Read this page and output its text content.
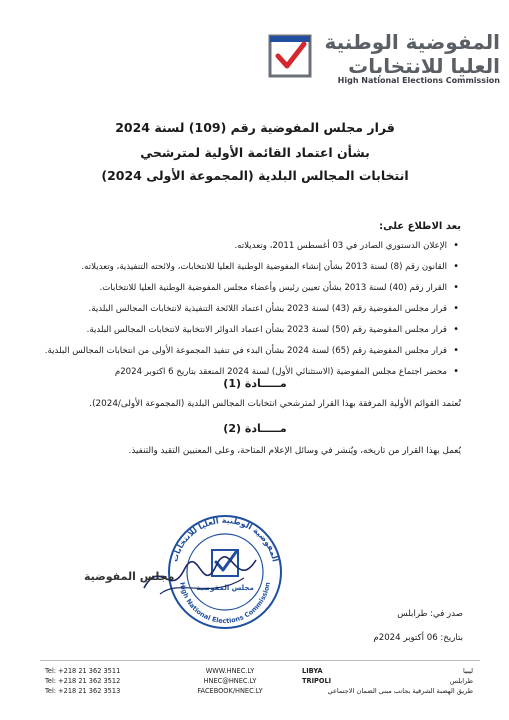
المفوضية الوطنية
العليا للانتخابات
High National Elections Commission
قرار مجلس المفوضية رقم (109) لسنة 2024
بشأن اعتماد القائمة الأولية لمترشحي
انتخابات المجالس البلدية (المجموعة الأولى 2024)
بعد الاطلاع على:
• الإعلان الدستوري الصادر في 03 أغسطس 2011، وتعديلاته.
• القانون رقم (8) لسنة 2013 بشأن إنشاء المفوضية الوطنية العليا للانتخابات، ولائحته التنفيذية، وتعديلاته.
• القرار رقم (40) لسنة 2013 بشأن تعيين رئيس وأعضاء مجلس المفوضية الوطنية العليا للانتخابات.
• قرار مجلس المفوضية رقم (43) لسنة 2023 بشأن اعتماد اللائحة التنفيذية لانتخابات المجالس البلدية.
• قرار مجلس المفوضية رقم (50) لسنة 2023 بشأن اعتماد الدوائر الانتخابية لانتخابات المجالس البلدية.
• قرار مجلس المفوضية رقم (65) لسنة 2024 بشأن البدء في تنفيذ المجموعة الأولى من انتخابات المجالس البلدية.
• محضر اجتماع مجلس المفوضية (الاستثنائي الأول) لسنة 2024 المنعقد بتاريخ 6 اكتوبر 2024م
مـــــادة (1)
تُعتمد القوائم الأولية المرفقة بهذا القرار لمترشحي انتخابات المجالس البلدية (المجموعة الأولى/2024).
مـــــادة (2)
يُعمل بهذا القرار من تاريخه، ويُنشر في وسائل الإعلام المتاحة، وعلى المعنيين التقيد والتنفيذ.
المفوضية الوطنية العليا للانتخابات
High National Elections Commission
مجلس المفوضية
مجلس المفوضية
صدر في: طرابلس
بتاريخ: 06 أكتوبر 2024م
Tel: +218 21 362 3511
Tel: +218 21 362 3512
Tel: +218 21 362 3513
WWW.HNEC.LY
HNEC@HNEC.LY
FACEBOOK/HNEC.LY
LIBYA
TRIPOLI
ليبيا
طرابلس
طريق الهضبة الشرقية بجانب مبنى الضمان الاجتماعي
